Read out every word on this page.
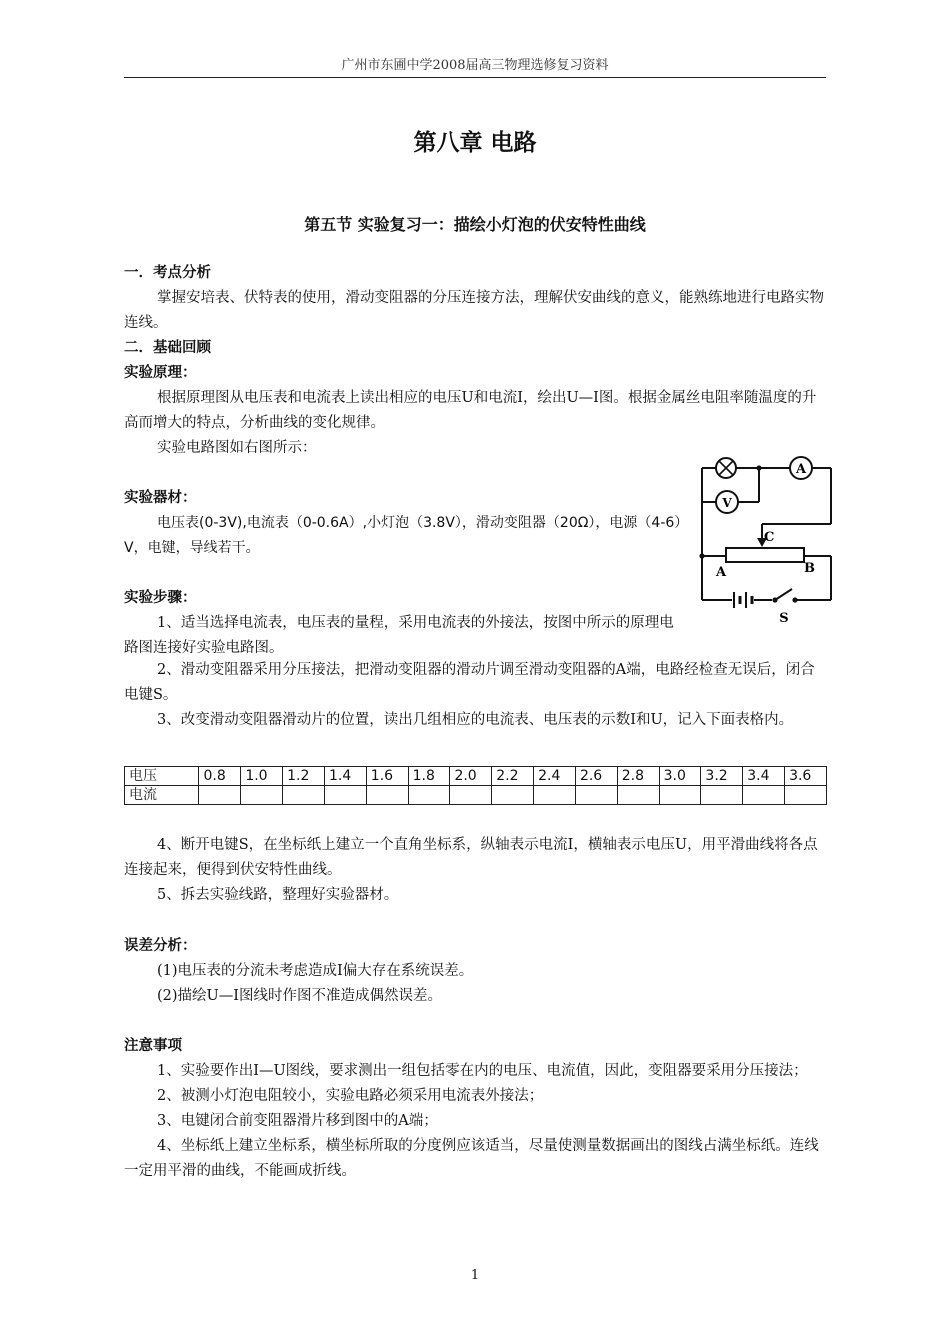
广州市东圃中学2008届高三物理选修复习资料
第八章 电路
第五节 实验复习一：描绘小灯泡的伏安特性曲线
一．考点分析
掌握安培表、伏特表的使用，滑动变阻器的分压连接方法，理解伏安曲线的意义，能熟练地进行电路实物连线。
二．基础回顾
实验原理：
根据原理图从电压表和电流表上读出相应的电压U和电流I，绘出U—I图。根据金属丝电阻率随温度的升高而增大的特点，分析曲线的变化规律。
实验电路图如右图所示：
实验器材：
电压表(0-3V),电流表（0-0.6A）,小灯泡（3.8V），滑动变阻器（20Ω），电源（4-6）V，电键，导线若干。
实验步骤：
1、适当选择电流表，电压表的量程，采用电流表的外接法，按图中所示的原理电路图连接好实验电路图。
2、滑动变阻器采用分压接法，把滑动变阻器的滑动片调至滑动变阻器的A端，电路经检查无误后，闭合电键S。
3、改变滑动变阻器滑动片的位置，读出几组相应的电流表、电压表的示数I和U，记入下面表格内。
电压	0.8	1.0	1.2	1.4	1.6	1.8	2.0	2.2	2.4	2.6	2.8	3.0	3.2	3.4	3.6
电流															
4、断开电键S，在坐标纸上建立一个直角坐标系，纵轴表示电流I，横轴表示电压U，用平滑曲线将各点连接起来，便得到伏安特性曲线。
5、拆去实验线路，整理好实验器材。
误差分析：
(1)电压表的分流未考虑造成I偏大存在系统误差。
(2)描绘U—I图线时作图不准造成偶然误差。
注意事项
1、实验要作出I—U图线，要求测出一组包括零在内的电压、电流值，因此，变阻器要采用分压接法；
2、被测小灯泡电阻较小，实验电路必须采用电流表外接法；
3、电键闭合前变阻器滑片移到图中的A端；
4、坐标纸上建立坐标系，横坐标所取的分度例应该适当，尽量使测量数据画出的图线占满坐标纸。连线一定用平滑的曲线，不能画成折线。
A
V
C
A	B
S
1
